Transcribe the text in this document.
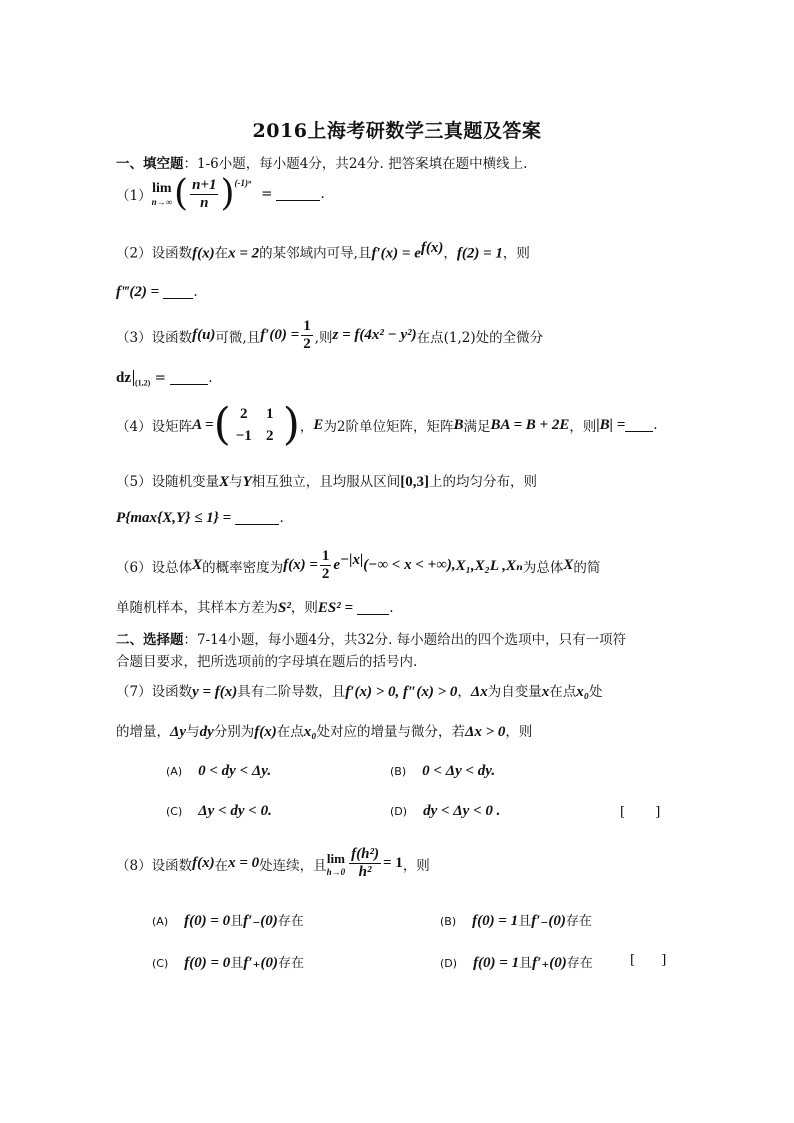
2016上海考研数学三真题及答案
一、填空题：1-6小题，每小题4分，共24分. 把答案填在题中横线上.
（1） lim
n→∞ ( $\frac{n+1}{n}$ ) (-1)ⁿ
=	.
（2）设函数f(x)在x = 2的某邻域内可导,且$f'(x) = e^{f(x)}$，f(2) = 1，则
f‴(2) =	.
（3）设函数 f(u) 可微,且 $f'(0) = \frac{1}{2}$ ,则 z = f(4x² − y²) 在点(1,2)处的全微分
dz $_{(1,2)}$ =	.
（4）设矩阵 A = ( 2	1
−1 2 ) ， E 为2阶单位矩阵，矩阵 B 满足 BA = B + 2E ，则 |B| = .
（5）设随机变量X与Y相互独立，且均服从区间[0,3]上的均匀分布，则
P{max{X,Y} ≤ 1} =	.
（6）设总体 X 的概率密度为 $f(x) = \frac{1}{2}$ e −|x| (−∞ < x < +∞), X₁,X₂L ,Xₙ 为总体 X 的简
单随机样本，其样本方差为S²，则ES² =	.
二、选择题：7-14小题，每小题4分，共32分. 每小题给出的四个选项中，只有一项符
合题目要求，把所选项前的字母填在题后的括号内.
（7）设函数y = f(x)具有二阶导数，且f′(x) > 0, f″(x) > 0，Δx为自变量x在点x₀处
的增量，Δy与dy分别为f(x)在点x₀处对应的增量与微分，若Δx > 0，则
(A) 0 < dy < Δy.	(B) 0 < Δy < dy.
(C) Δy < dy < 0.	(D) dy < Δy < 0 .	[ ]
（8）设函数 f(x) 在 x = 0 处连续，且 lim
$h\to 0 \frac{\text{f(h²)}}{\text{h²}} = 1$ ，则
(A) f(0) = 0且f′₋(0)存在	(B) f(0) = 1且f′₋(0)存在
(C) f(0) = 0且f′₊(0)存在	(D) f(0) = 1且f′₊(0)存在	[ ]
